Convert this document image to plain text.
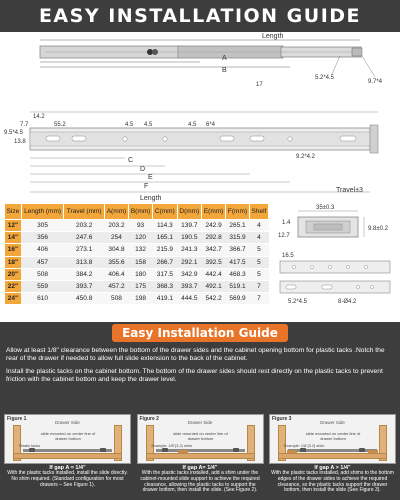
EASY INSTALLATION GUIDE
Length
A
B
5.2*4.5
9.7*4
17
14.2
7.7	55.2	4.5 4.5	4.5 6*4
9.5*4.5
13.8
9.2*4.2
C
D
E
F
Length
Travel±3
Size	Length (mm)	Travel (mm)	A(mm)	B(mm)	C(mm)	D(mm)	E(mm)	F(mm)	Shelf
12"	305	203.2	203.2	93	114.3	139.7	242.9	265.1	4
14"	356	247.6	254	120	165.1	190.5	292.8	315.9	4
16"	406	273.1	304.8	132	215.9	241.3	342.7	366.7	5
18"	457	313.8	355.6	158	266.7	292.1	392.5	417.5	5
20"	508	384.2	406.4	180	317.5	342.9	442.4	468.3	5
22"	559	393.7	457.2	175	368.3	393.7	492.1	519.1	7
24"	610	450.8	508	198	419.1	444.5	542.2	569.9	7
35±0.3
1.4
9.8±0.2
12.7
16.5
5.2*4.5	8-Ø4.2
Easy Installation Guide

Allow at least 1/8" clearance between the bottom of the drawer sides and the cabinet opening bottom for plastic tacks .Notch the rear of the drawer if needed to allow full slide extension to the back of the cabinet.

Install the plastic tacks on the cabinet bottom. The bottom of the drawer sides should rest directly on the plastic tacks to prevent friction with the cabinet bottom and keep the drawer level.

Figure 1
Drawer Side
slide mounted on center line of drawer bottom
Plastic tacks
If gap A = 1/4"
With the plastic tacks installed, install the slide directly. No shim required. (Standard configuration for most drawers – See Figure 1).
Figure 2
Drawer Side
slide mounted on center line of drawer bottom
Example: 1/8"(3.2) shim
If gap A= 1/4"
With the plastic tacks installed, add a shim under the cabinet-mounted slide support to achieve the required clearance, allowing the plastic tacks to support the drawer bottom, then install the slide. (See Figure 2).
Figure 3
Drawer Side
slide mounted on center line of drawer bottom
Example: 1/8"(3.2) shim
If gap A > 1/4"
With the plastic tacks installed, add shims to the bottom edges of the drawer sides to achieve the required clearance, so the plastic tacks support the drawer bottom, then install the slide (See Figure 3).
